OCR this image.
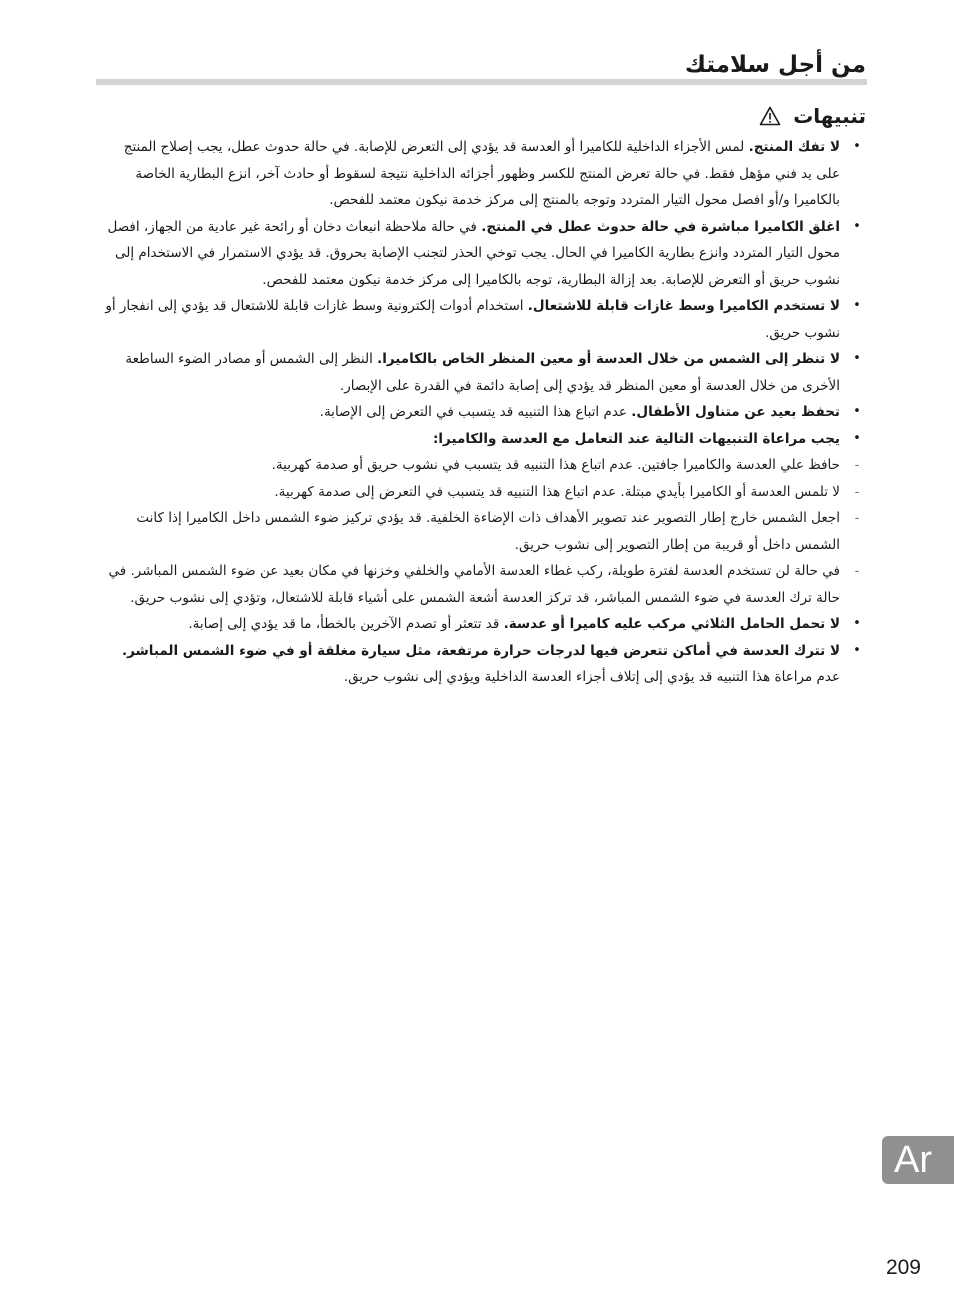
من أجل سلامتك
تنبيهات
•
لا تفك المنتج. لمس الأجزاء الداخلية للكاميرا أو العدسة قد يؤدي إلى التعرض للإصابة. في حالة حدوث عطل، يجب إصلاح المنتج على يد فني مؤهل فقط. في حالة تعرض المنتج للكسر وظهور أجزائه الداخلية نتيجة لسقوط أو حادث آخر، انزع البطارية الخاصة بالكاميرا و/أو افصل محول التيار المتردد وتوجه بالمنتج إلى مركز خدمة نيكون معتمد للفحص.
•
اغلق الكاميرا مباشرة في حالة حدوث عطل في المنتج. في حالة ملاحظة انبعاث دخان أو رائحة غير عادية من الجهاز، افصل محول التيار المتردد وانزع بطارية الكاميرا في الحال. يجب توخي الحذر لتجنب الإصابة بحروق. قد يؤدي الاستمرار في الاستخدام إلى نشوب حريق أو التعرض للإصابة. بعد إزالة البطارية، توجه بالكاميرا إلى مركز خدمة نيكون معتمد للفحص.
•
لا تستخدم الكاميرا وسط غازات قابلة للاشتعال. استخدام أدوات إلكترونية وسط غازات قابلة للاشتعال قد يؤدي إلى انفجار أو نشوب حريق.
•
لا تنظر إلى الشمس من خلال العدسة أو معين المنظر الخاص بالكاميرا. النظر إلى الشمس أو مصادر الضوء الساطعة الأخرى من خلال العدسة أو معين المنظر قد يؤدي إلى إصابة دائمة في القدرة على الإبصار.
•
تحفظ بعيد عن متناول الأطفال. عدم اتباع هذا التنبيه قد يتسبب في التعرض إلى الإصابة.
•
يجب مراعاة التنبيهات التالية عند التعامل مع العدسة والكاميرا:
-
حافظ علي العدسة والكاميرا جافتين. عدم اتباع هذا التنبيه قد يتسبب في نشوب حريق أو صدمة كهربية.
-
لا تلمس العدسة أو الكاميرا بأيدي مبتلة. عدم اتباع هذا التنبيه قد يتسبب في التعرض إلى صدمة كهربية.
-
اجعل الشمس خارج إطار التصوير عند تصوير الأهداف ذات الإضاءة الخلفية. قد يؤدي تركيز ضوء الشمس داخل الكاميرا إذا كانت الشمس داخل أو قريبة من إطار التصوير إلى نشوب حريق.
-
في حالة لن تستخدم العدسة لفترة طويلة، ركب غطاء العدسة الأمامي والخلفي وخزنها في مكان بعيد عن ضوء الشمس المباشر. في حالة ترك العدسة في ضوء الشمس المباشر، قد تركز العدسة أشعة الشمس على أشياء قابلة للاشتعال، وتؤدي إلى نشوب حريق.
•
لا تحمل الحامل الثلاثي مركب عليه كاميرا أو عدسة. قد تتعثر أو تصدم الآخرين بالخطأ، ما قد يؤدي إلى إصابة.
•
لا تترك العدسة في أماكن تتعرض فيها لدرجات حرارة مرتفعة، مثل سيارة مغلقة أو في ضوء الشمس المباشر. عدم مراعاة هذا التنبيه قد يؤدي إلى إتلاف أجزاء العدسة الداخلية ويؤدي إلى نشوب حريق.
Ar
209
